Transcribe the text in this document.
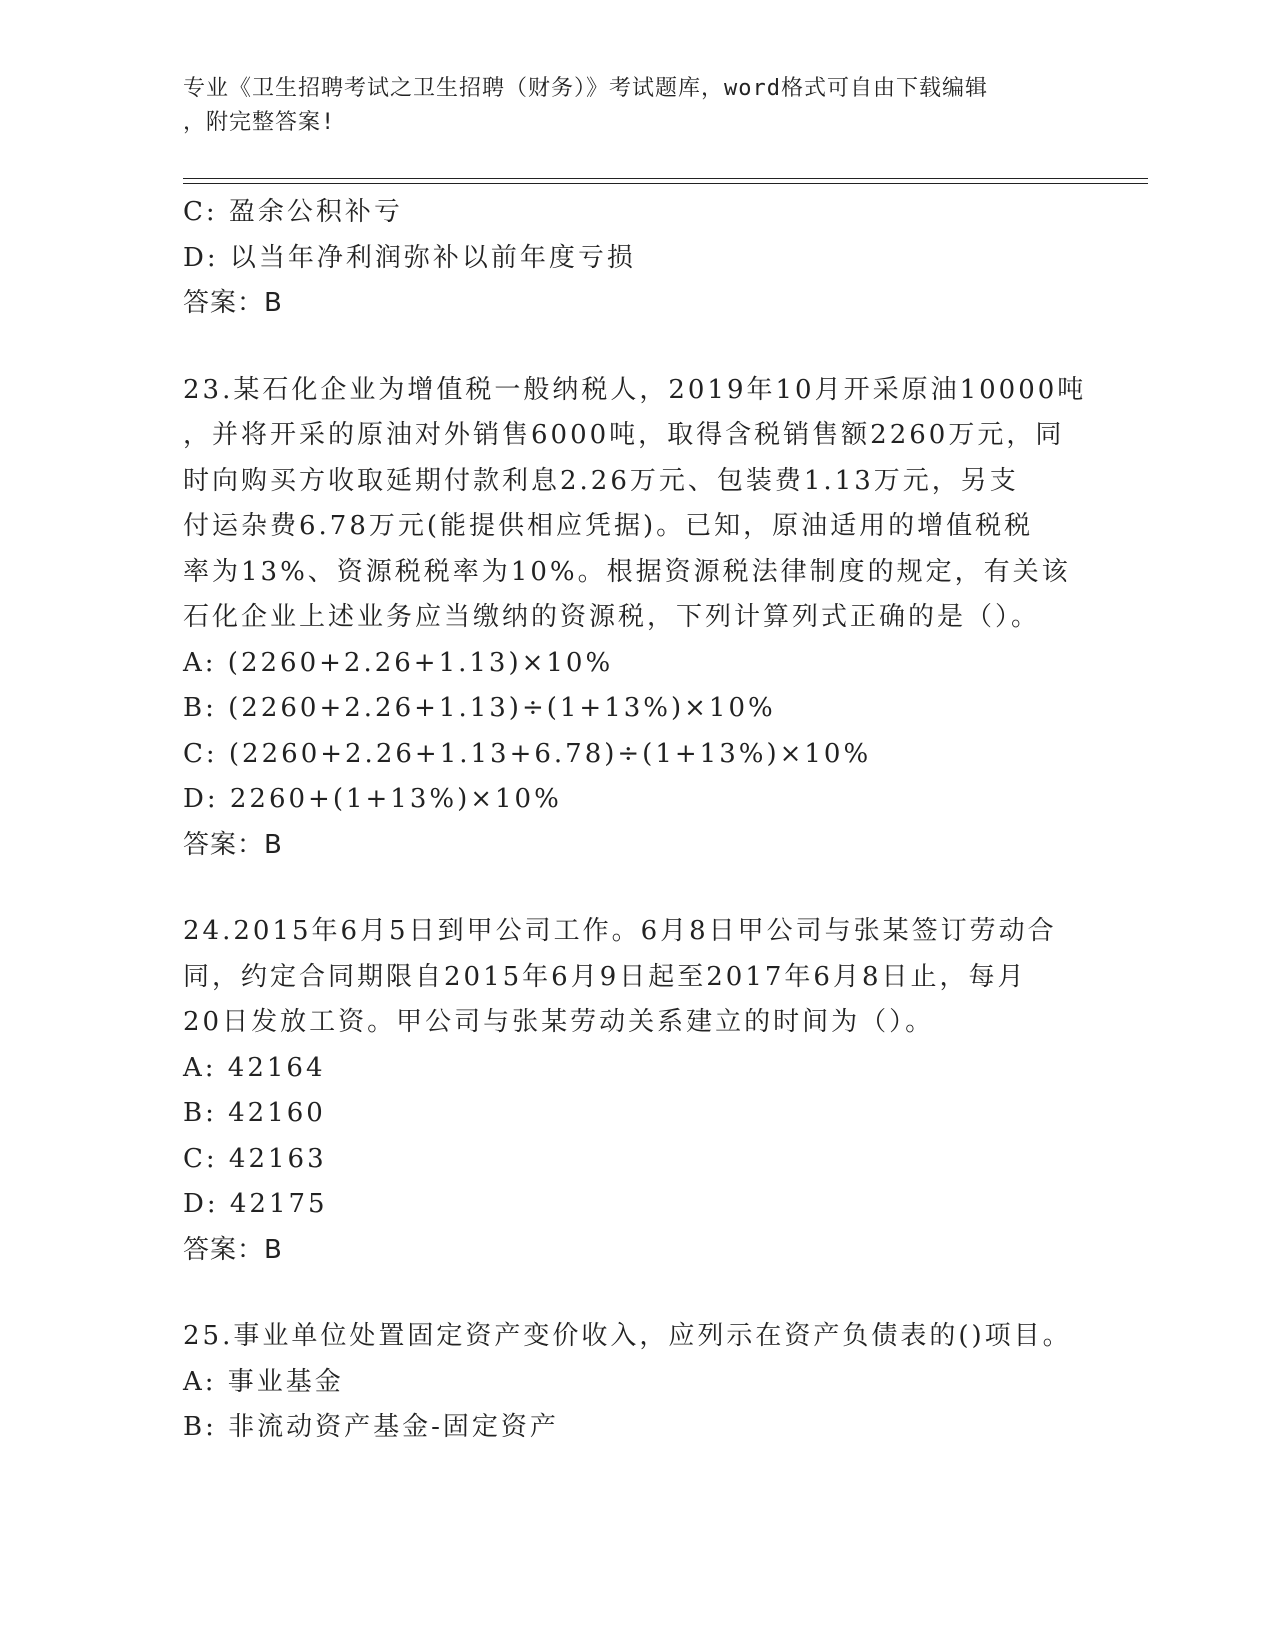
专业《卫生招聘考试之卫生招聘（财务）》考试题库，word格式可自由下载编辑
，附完整答案!
C: 盈余公积补亏
D: 以当年净利润弥补以前年度亏损
答案：B
23.某石化企业为增值税一般纳税人，2019年10月开采原油10000吨
，并将开采的原油对外销售6000吨，取得含税销售额2260万元，同
时向购买方收取延期付款利息2.26万元、包装费1.13万元，另支
付运杂费6.78万元(能提供相应凭据)。已知，原油适用的增值税税
率为13%、资源税税率为10%。根据资源税法律制度的规定，有关该
石化企业上述业务应当缴纳的资源税，下列计算列式正确的是（）。
A: (2260+2.26+1.13)×10%
B: (2260+2.26+1.13)÷(1+13%)×10%
C: (2260+2.26+1.13+6.78)÷(1+13%)×10%
D: 2260+(1+13%)×10%
答案：B
24.2015年6月5日到甲公司工作。6月8日甲公司与张某签订劳动合
同，约定合同期限自2015年6月9日起至2017年6月8日止，每月
20日发放工资。甲公司与张某劳动关系建立的时间为（）。
A: 42164
B: 42160
C: 42163
D: 42175
答案：B
25.事业单位处置固定资产变价收入，应列示在资产负债表的()项目。
A: 事业基金
B: 非流动资产基金-固定资产
